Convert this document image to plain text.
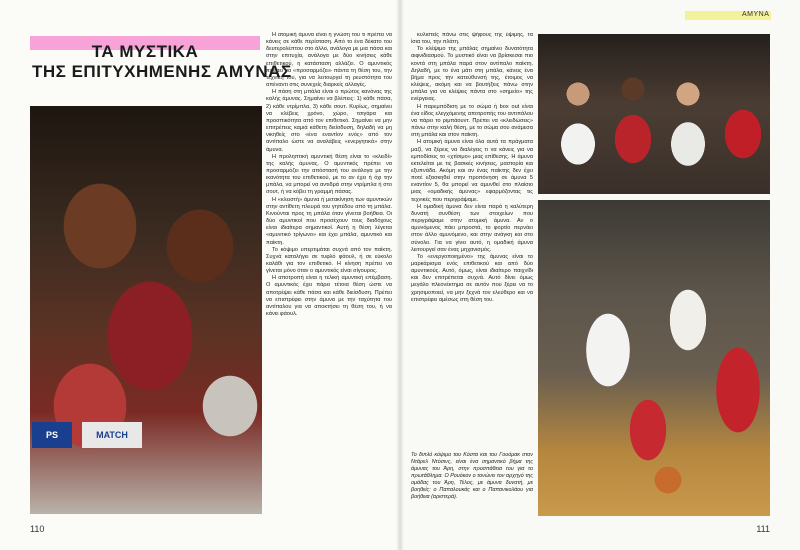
ΤΑ ΜΥΣΤΙΚΑ
ΤΗΣ ΕΠΙΤΥΧΗΜΕΝΗΣ ΑΜΥΝΑΣ
PS	MATCH

Η ατομική άμυνα είναι η γνώση του τι πρέπει να κάνεις σε κάθε περίσταση. Από το ένα δέκατο του δευτερολέπτου στο άλλο, ανάλογα με μια πάσα και στην επιτυχία, ανάλογα με δύο κινήσεις κάθε επιθετικού, η κατάσταση αλλάζει. Ο αμυντικός πρέπει να «προσαρμόζει» πάντα τη θέση του, την τεχνική του, για να λειτουργεί τη ρευστότητα του απέναντι στις συνεχείς διαρκείς αλλαγές.

Η πάση στη μπάλα είναι ο πρώτος κανόνας της καλής άμυνας. Σημαίνει να βλέπεις: 1) κάθε πάσα, 2) κάθε ντρίμπλα, 3) κάθε σουτ. Κυρίως, σημαίνει να κλέβεις χρόνο, χώρο, τσιγάρα και προσπικότητα από τον επιθετικό. Σημαίνει να μην επιτρέπεις καμιά κάθετη διείσδυση, δηλαδή να μη νικηθείς στο «ένα εναντίον ενός» από τον αντίπαλο ώστε να αναλάβεις «ενεργητικά» στην άμυνα.

Η προληπτική αμυντική θέση είναι το «κλειδί» της καλής άμυνας. Ο αμυντικός πρέπει να προσαρμόζει την απόστασή του ανάλογα με την ικανότητα του επιθετικού, με το αν έχει ή όχι την μπάλα, να μπορεί να αντιδρά στην ντρίμπλα ή στο σουτ, ή να κόβει τη γραμμή πάσας.

Η «κλειστή» άμυνα ή μετακίνηση των αμυντικών στην αντίθετη πλευρά του γηπέδου από τη μπάλα. Κινούνται προς τη μπάλα όταν γίνεται βοήθεια. Οι δύο αμυντικοί που προσέχουν τους διαδόχους είναι ιδιαίτερα σημαντικοί. Αυτή η θέση λέγεται «αμυντικό τρίγωνο» και έχει μπάλα, αμυντικό και παίκτη.

Το κόψιμο υπερτιμάται συχνά από τον παίκτη. Συχνά καταλήγει σε τυφλό φάουλ, ή σε εύκολο καλάθι για τον επιθετικό. Η κίνηση πρέπει να γίνεται μόνο όταν ο αμυντικός είναι σίγουρος.

Η αποτροπή είναι η τελική αμυντική επέμβαση. Ο αμυντικός έχει πάρει τέτοια θέση ώστε να αποτρέψει κάθε πάσα και κάθε διείσδυση. Πρέπει να επιστρέφει στην άμυνα με την ταχύτητα του αντίπαλου για να αποκτήσει τη θέση του, ή να κάνει φάουλ.

110
ΑΜΥΝΑ

κυλιστείς πάνω στις ψήφους της ύψιμης, τα ίσια του, την πλάτη.

Το κλέψιμο της μπάλας σημαίνει δυνατότητα αιφνιδιασμού. Το μυστικό είναι να βρίσκεσαι πιο κοντά στη μπάλα παρά στον αντίπαλο παίκτη. Δηλαδή, με το ένα μάτι στη μπάλα, κάνεις ένα βήμα προς την κατεύθυνσή της, έτοιμος να κλέψεις, ακόμη και να βουτήξεις πάνω στην μπάλα για να κλέψεις πάντα στο «σημείο» της ενέργειας.

Η παρεμπόδιση με το σώμα ή box out είναι ένα είδος ελεγχόμενης αποτροπής του αντιπάλου να πάρει το ριμπάουντ. Πρέπει να «κλειδώσεις» πάνω στην καλή θέση, με το σώμα σου ανάμεσα στη μπάλα και στον παίκτη.

Η ατομική άμυνα είναι όλα αυτά τα πράγματα μαζί, να ξέρεις να διαλέγεις τι να κάνεις για να εμποδίσεις το «χτίσιμο» μιας επίθεσης. Η άμυνα εκτελείται με τις βασικές κινήσεις, μαστορία και εξυπνάδα. Ακόμη και αν ένας παίκτης δεν έχει ποτέ εξασκηθεί στην προπόνηση σε άμυνα 5 εναντίον 5, θα μπορεί να αμυνθεί στο πλαίσιο μιας «ομαδικής άμυνας» εφαρμόζοντας τις τεχνικές που περιγράψαμε.

Η ομαδική άμυνα δεν είναι παρά η καλύτερη δυνατή συνθέση των στοιχείων που περιγράψαμε στην ατομική άμυνα. Αν ο αμυνόμενος πάει μπροστά, το φορτίο περνάει στον άλλο αμυνόμενο, και στην ανάγκη και στο σύνολο. Για να γίνει αυτό, η ομαδική άμυνα λειτουργεί σαν ένας μηχανισμός.

Το «ενεργοποιημένο» της άμυνας είναι το μαρκάρισμα ενός επιθετικού και από δύο αμυντικούς. Αυτό, όμως, είναι ιδιαίτερο παιχνίδι και δεν επιτρέπεται συχνά. Αυτό δίνει όμως μεγάλο πλεονέκτημα σε αυτόν που ξέρει να το χρησιμοποιεί, να μην ξεχνά τον ελεύθερο και να επιστρέφει αμέσως στη θέση του.

Το διπλό κόψιμο του Κόστα και του Γουόμακ στον Ντάρελ Ντόσινς, είναι ένα σημαντικό βήμα της άμυνας του Άρη, στην προσπάθεια του για το πρωτάθλημα. Ο Ρουόκον ο τονώνει τον αρχηγό της ομάδας του Άρη, Τέλος, με άμυνα δυνατή, με βοηθείς: ο Παπαλουκάς και ο Παπανικολάου για βοήθεια (αριστερά).
111
